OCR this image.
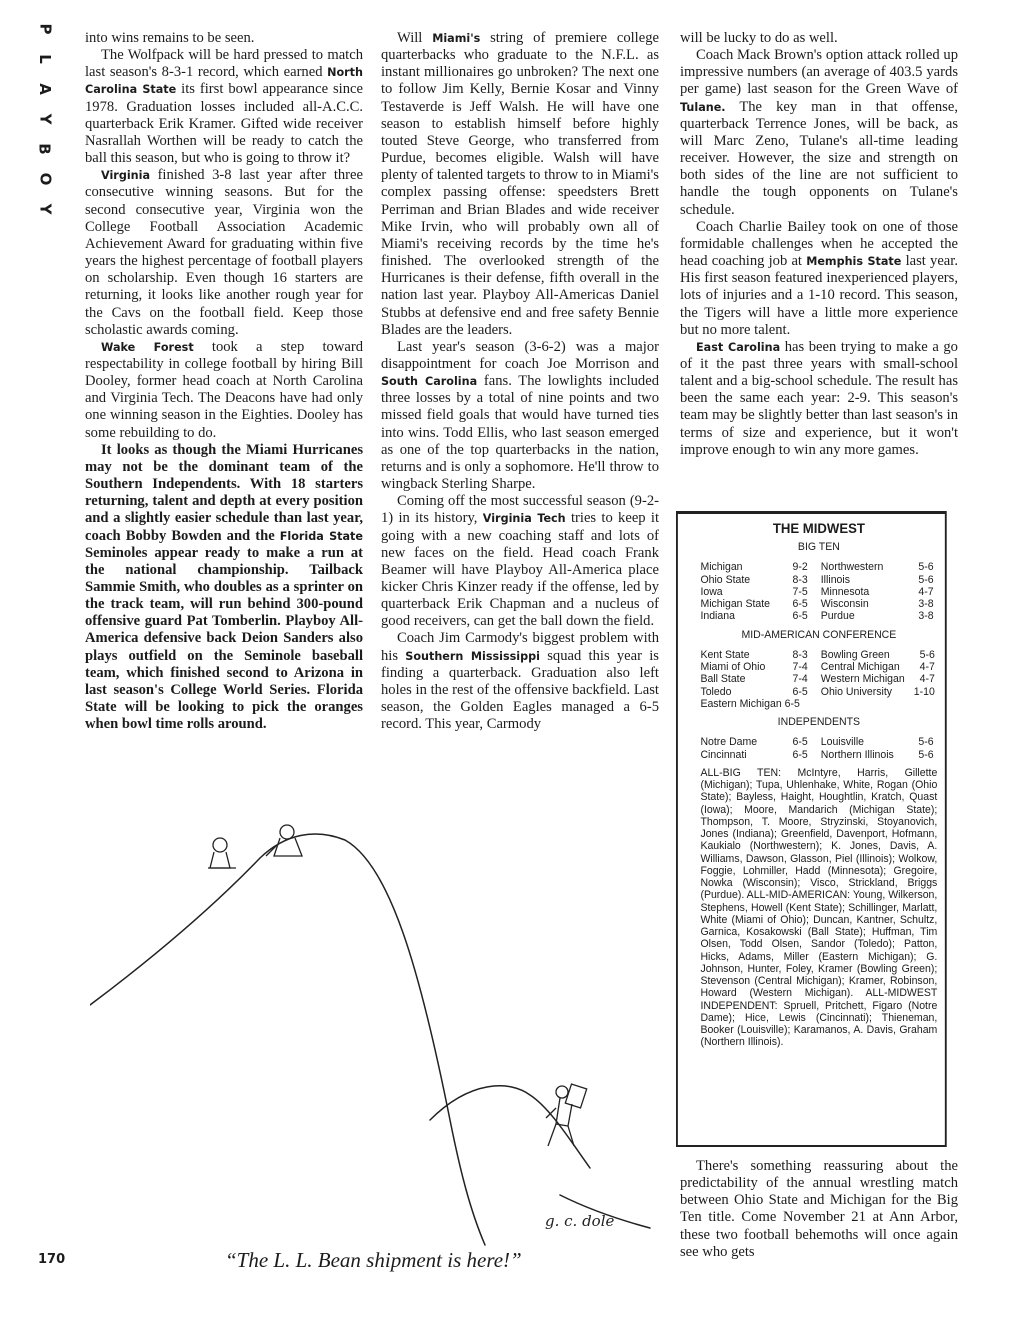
P
L
A
Y
B
O
Y

into wins remains to be seen.

The Wolfpack will be hard pressed to match last season's 8-3-1 record, which earned North Carolina State its first bowl appearance since 1978. Graduation losses included all-A.C.C. quarterback Erik Kramer. Gifted wide receiver Nasrallah Worthen will be ready to catch the ball this season, but who is going to throw it?

Virginia finished 3-8 last year after three consecutive winning seasons. But for the second consecutive year, Virginia won the College Football Association Academic Achievement Award for graduating within five years the highest percentage of football players on scholarship. Even though 16 starters are returning, it looks like another rough year for the Cavs on the football field. Keep those scholastic awards coming.

Wake Forest took a step toward respectability in college football by hiring Bill Dooley, former head coach at North Carolina and Virginia Tech. The Deacons have had only one winning season in the Eighties. Dooley has some rebuilding to do.

It looks as though the Miami Hurricanes may not be the dominant team of the Southern Independents. With 18 starters returning, talent and depth at every position and a slightly easier schedule than last year, coach Bobby Bowden and the Florida State Seminoles appear ready to make a run at the national championship. Tailback Sammie Smith, who doubles as a sprinter on the track team, will run behind 300-pound offensive guard Pat Tomberlin. Playboy All-America defensive back Deion Sanders also plays outfield on the Seminole baseball team, which finished second to Arizona in last season's College World Series. Florida State will be looking to pick the oranges when bowl time rolls around.

Will Miami's string of premiere college quarterbacks who graduate to the N.F.L. as instant millionaires go unbroken? The next one to follow Jim Kelly, Bernie Kosar and Vinny Testaverde is Jeff Walsh. He will have one season to establish himself before highly touted Steve George, who transferred from Purdue, becomes eligible. Walsh will have plenty of talented targets to throw to in Miami's complex passing offense: speedsters Brett Perriman and Brian Blades and wide receiver Mike Irvin, who will probably own all of Miami's receiving records by the time he's finished. The overlooked strength of the Hurricanes is their defense, fifth overall in the nation last year. Playboy All-Americas Daniel Stubbs at defensive end and free safety Bennie Blades are the leaders.

Last year's season (3-6-2) was a major disappointment for coach Joe Morrison and South Carolina fans. The lowlights included three losses by a total of nine points and two missed field goals that would have turned ties into wins. Todd Ellis, who last season emerged as one of the top quarterbacks in the nation, returns and is only a sophomore. He'll throw to wingback Sterling Sharpe.

Coming off the most successful season (9-2-1) in its history, Virginia Tech tries to keep it going with a new coaching staff and lots of new faces on the field. Head coach Frank Beamer will have Playboy All-America place kicker Chris Kinzer ready if the offense, led by quarterback Erik Chapman and a nucleus of good receivers, can get the ball down the field.

Coach Jim Carmody's biggest problem with his Southern Mississippi squad this year is finding a quarterback. Graduation also left holes in the rest of the offensive backfield. Last season, the Golden Eagles managed a 6-5 record. This year, Carmody

will be lucky to do as well.

Coach Mack Brown's option attack rolled up impressive numbers (an average of 403.5 yards per game) last season for the Green Wave of Tulane. The key man in that offense, quarterback Terrence Jones, will be back, as will Marc Zeno, Tulane's all-time leading receiver. However, the size and strength on both sides of the line are not sufficient to handle the tough opponents on Tulane's schedule.

Coach Charlie Bailey took on one of those formidable challenges when he accepted the head coaching job at Memphis State last year. His first season featured inexperienced players, lots of injuries and a 1-10 record. This season, the Tigers will have a little more experience but no more talent.

East Carolina has been trying to make a go of it the past three years with small-school talent and a big-school schedule. The result has been the same each year: 2-9. This season's team may be slightly better than last season's in terms of size and experience, but it won't improve enough to win any more games.

There's something reassuring about the predictability of the annual wrestling match between Ohio State and Michigan for the Big Ten title. Come November 21 at Ann Arbor, these two football behemoths will once again see who gets

THE MIDWEST
BIG TEN
Michigan	9-2	Northwestern	5-6
Ohio State	8-3	Illinois	5-6
Iowa	7-5	Minnesota	4-7
Michigan State	6-5	Wisconsin	3-8
Indiana	6-5	Purdue	3-8
MID-AMERICAN CONFERENCE
Kent State	8-3	Bowling Green	5-6
Miami of Ohio	7-4	Central Michigan	4-7
Ball State	7-4	Western Michigan	4-7
Toledo	6-5	Ohio University	1-10
Eastern Michigan 6-5			
INDEPENDENTS
Notre Dame	6-5	Louisville	5-6
Cincinnati	6-5	Northern Illinois	5-6
ALL-BIG TEN: McIntyre, Harris, Gillette (Michigan); Tupa, Uhlenhake, White, Rogan (Ohio State); Bayless, Haight, Houghtlin, Kratch, Quast (Iowa); Moore, Mandarich (Michigan State); Thompson, T. Moore, Stryzinski, Stoyanovich, Jones (Indiana); Greenfield, Davenport, Hofmann, Kaukialo (Northwestern); K. Jones, Davis, A. Williams, Dawson, Glasson, Piel (Illinois); Wolkow, Foggie, Lohmiller, Hadd (Minnesota); Gregoire, Nowka (Wisconsin); Visco, Strickland, Briggs (Purdue). ALL-MID-AMERICAN: Young, Wilkerson, Stephens, Howell (Kent State); Schillinger, Marlatt, White (Miami of Ohio); Duncan, Kantner, Schultz, Garnica, Kosakowski (Ball State); Huffman, Tim Olsen, Todd Olsen, Sandor (Toledo); Patton, Hicks, Adams, Miller (Eastern Michigan); G. Johnson, Hunter, Foley, Kramer (Bowling Green); Stevenson (Central Michigan); Kramer, Robinson, Howard (Western Michigan). ALL-MIDWEST INDEPENDENT: Spruell, Pritchett, Figaro (Notre Dame); Hice, Lewis (Cincinnati); Thieneman, Booker (Louisville); Karamanos, A. Davis, Graham (Northern Illinois).
g. c. dole
“The L. L. Bean shipment is here!”
170
